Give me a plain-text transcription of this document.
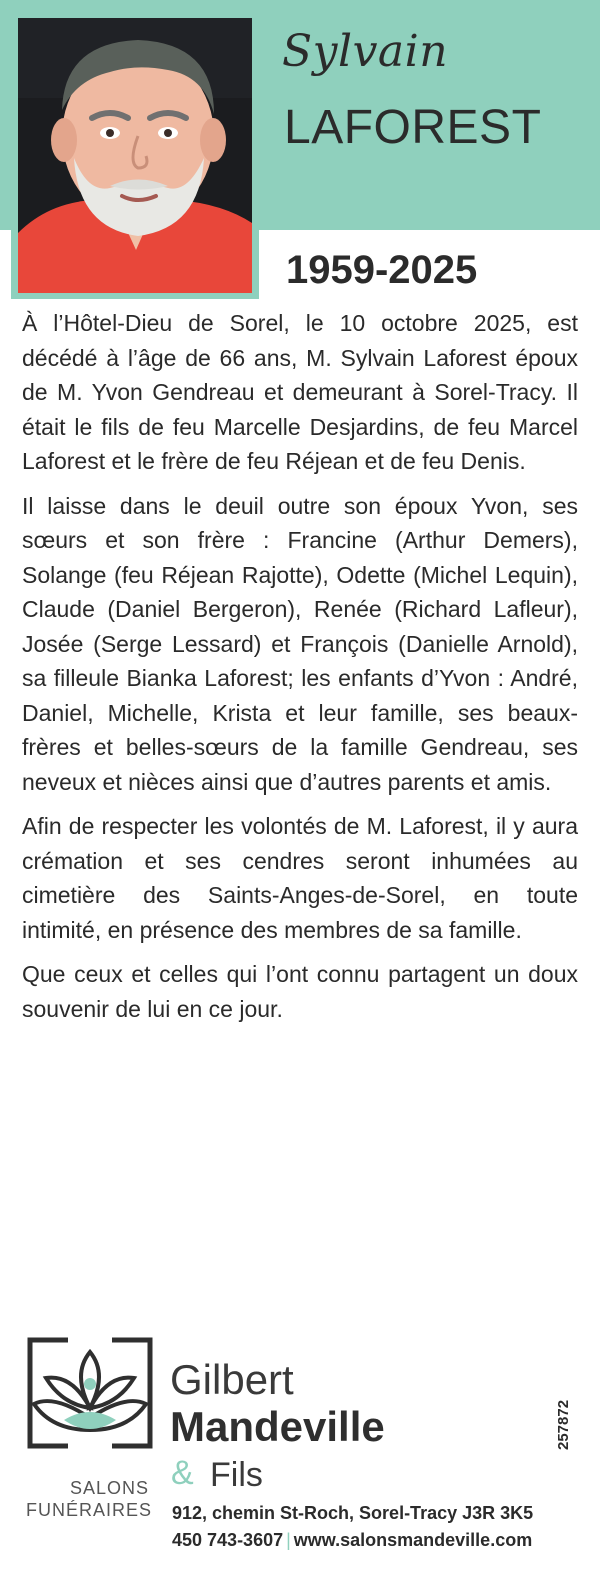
Sylvain
LAFOREST
1959-2025

À l’Hôtel-Dieu de Sorel, le 10 octobre 2025, est décédé à l’âge de 66 ans, M. Sylvain Laforest époux de M. Yvon Gendreau et demeurant à Sorel-Tracy. Il était le fils de feu Marcelle Desjardins, de feu Marcel Laforest et le frère de feu Réjean et de feu Denis.

Il laisse dans le deuil outre son époux Yvon, ses sœurs et son frère : Francine (Arthur Demers), Solange (feu Réjean Rajotte), Odette (Michel Lequin), Claude (Daniel Bergeron), Renée (Richard Lafleur), Josée (Serge Lessard) et François (Danielle Arnold), sa filleule Bianka Laforest; les enfants d’Yvon : André, Daniel, Michelle, Krista et leur famille, ses beaux-frères et belles-sœurs de la famille Gendreau, ses neveux et nièces ainsi que d’autres parents et amis.

Afin de respecter les volontés de M. Laforest, il y aura crémation et ses cendres seront inhumées au cimetière des Saints-Anges-de-Sorel, en toute intimité, en présence des membres de sa famille.

Que ceux et celles qui l’ont connu partagent un doux souvenir de lui en ce jour.

SALONS
FUNÉRAIRES
Gilbert
Mandeville
& Fils
912, chemin St-Roch, Sorel-Tracy J3R 3K5
450 743-3607 | www.salonsmandeville.com
257872
